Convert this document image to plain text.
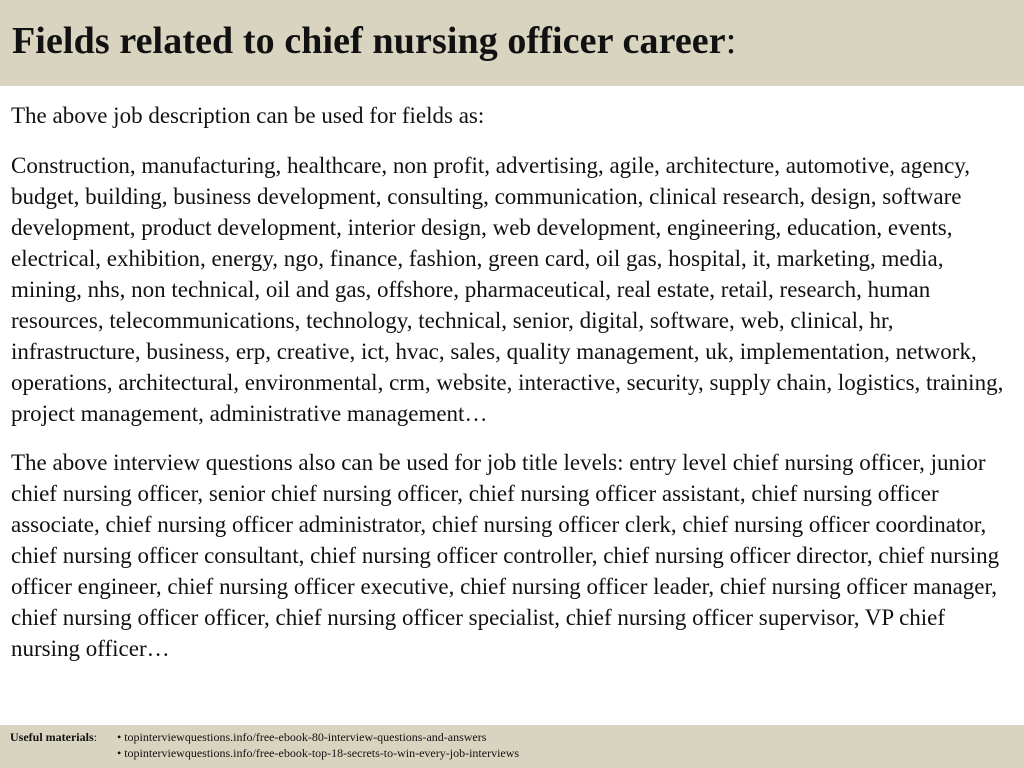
Fields related to chief nursing officer career:

The above job description can be used for fields as:

Construction, manufacturing, healthcare, non profit, advertising, agile, architecture, automotive, agency, budget, building, business development, consulting, communication, clinical research, design, software development, product development, interior design, web development, engineering, education, events, electrical, exhibition, energy, ngo, finance, fashion, green card, oil gas, hospital, it, marketing, media, mining, nhs, non technical, oil and gas, offshore, pharmaceutical, real estate, retail, research, human resources, telecommunications, technology, technical, senior, digital, software, web, clinical, hr, infrastructure, business, erp, creative, ict, hvac, sales, quality management, uk, implementation, network, operations, architectural, environmental, crm, website, interactive, security, supply chain, logistics, training, project management, administrative management…

The above interview questions also can be used for job title levels: entry level chief nursing officer, junior chief nursing officer, senior chief nursing officer, chief nursing officer assistant, chief nursing officer associate, chief nursing officer administrator, chief nursing officer clerk, chief nursing officer coordinator, chief nursing officer consultant, chief nursing officer controller, chief nursing officer director, chief nursing officer engineer, chief nursing officer executive, chief nursing officer leader, chief nursing officer manager, chief nursing officer officer, chief nursing officer specialist, chief nursing officer supervisor, VP chief nursing officer…

Useful materials:	• topinterviewquestions.info/free-ebook-80-interview-questions-and-answers
• topinterviewquestions.info/free-ebook-top-18-secrets-to-win-every-job-interviews
